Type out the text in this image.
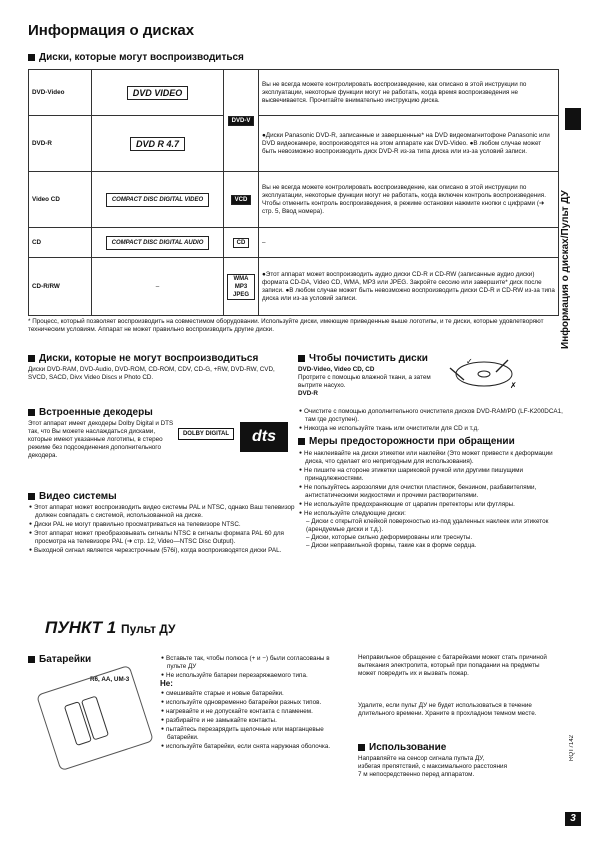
Информация о дисках
Диски, которые могут воспроизводиться
DVD-Video	DVD VIDEO	DVD-V	Вы не всегда можете контролировать воспроизведение, как описано в этой инструкции по эксплуатации, некоторые функции могут не работать, когда время воспроизведения не высвечивается. Прочитайте внимательно инструкцию диска.
DVD-R	DVD R 4.7		●Диски Panasonic DVD-R, записанные и завершенные* на DVD видеомагнитофоне Panasonic или DVD видеокамере, воспроизводятся на этом аппарате как DVD-Video. ●В любом случае может быть невозможно воспроизводить диск DVD-R из-за типа диска или из-за условий записи.
Video CD	COMPACT DISC DIGITAL VIDEO	VCD	Вы не всегда можете контролировать воспроизведение, как описано в этой инструкции по эксплуатации, некоторые функции могут не работать, когда включен контроль воспроизведения. Чтобы отменить контроль воспроизведения, в режиме остановки нажмите кнопки с цифрами (➜ стр. 5, Ввод номера).
CD	COMPACT DISC DIGITAL AUDIO	CD	–
CD-R/RW	–	WMA MP3 JPEG	●Этот аппарат может воспроизводить аудио диски CD-R и CD-RW (записанные аудио диски) формата CD-DA, Video CD, WMA, MP3 или JPEG. Закройте сессию или завершите* диск после записи. ●В любом случае может быть невозможно воспроизводить диски CD-R и CD-RW из-за типа диска или из-за условий записи.
* Процесс, который позволяет воспроизводить на совместимом оборудовании. Используйте диски, имеющие приведенные выше логотипы, и те диски, которые удовлетворяют техническим условиям. Аппарат не может правильно воспроизводить другие диски.
Диски, которые не могут воспроизводиться
Диски DVD-RAM, DVD-Audio, DVD-ROM, CD-ROM, CDV, CD-G, +RW, DVD-RW, CVD, SVCD, SACD, Divx Video Discs и Photo CD.
Встроенные декодеры
Этот аппарат имеет декодеры Dolby Digital и DTS так, что Вы можете наслаждаться дисками, которые имеют указанные логотипы, в стерео режиме без подсоединения дополнительного декодера.
DOLBY DIGITAL	dts
Видео системы
● Этот аппарат может воспроизводить видео системы PAL и NTSC, однако Ваш телевизор должен совпадать с системой, использованной на диске.
● Диски PAL не могут правильно просматриваться на телевизоре NTSC.
● Этот аппарат может преобразовывать сигналы NTSC в сигналы формата PAL 60 для просмотра на телевизоре PAL (➜ стр. 12, Video—NTSC Disc Output).
● Выходной сигнал является черезстрочным (576i), когда воспроизводятся диски PAL.
Чтобы почистить диски
DVD-Video, Video CD, CD
Протрите с помощью влажной ткани, а затем вытрите насухо.
DVD-R
✓
✗
● Очистите с помощью дополнительного очистителя дисков DVD-RAM/PD (LF-K200DCA1, там где доступен).
● Никогда не используйте ткань или очистители для CD и т.д.
Меры предосторожности при обращении
● Не наклеивайте на диски этикетки или наклейки (Это может привести к деформации диска, что сделает его непригодным для использования).
● Не пишите на стороне этикетки шариковой ручкой или другими пишущими принадлежностями.
● Не пользуйтесь аэрозолями для очистки пластинок, бензином, разбавителями, антистатическими жидкостями и прочими растворителями.
● Не используйте предохраняющие от царапин претекторы или футляры.
● Не используйте следующие диски:
– Диски с открытой клейкой поверхностью из-под удаленных наклеек или этикеток (арендуемые диски и т.д.).
– Диски, которые сильно деформированы или треснуты.
– Диски неправильной формы, такие как в форме сердца.
ПУНКТ 1 Пульт ДУ
Батарейки
R6, AA, UM-3
● Вставьте так, чтобы полюса (+ и −) были согласованы в пульте ДУ
● Не используйте батареи перезаряжаемого типа.
Не:
● смешивайте старые и новые батарейки.
● используйте одновременно батарейки разных типов.
● нагревайте и не допускайте контакта с пламенем.
● разбирайте и не замыкайте контакты.
● пытайтесь перезарядить щелочные или марганцевые батарейки.
● используйте батарейки, если снята наружная оболочка.
Неправильное обращение с батарейками может стать причиной вытекания электролита, который при попадании на предметы может повредить их и вызвать пожар.
Удалите, если пульт ДУ не будет использоваться в течение длительного времени. Храните в прохладном темном месте.
Использование
Направляйте на сенсор сигнала пульта ДУ, избегая препятствий, с максимального расстояния 7 м непосредственно перед аппаратом.
Информация о дисках/Пульт ДУ
RQT7142
3
